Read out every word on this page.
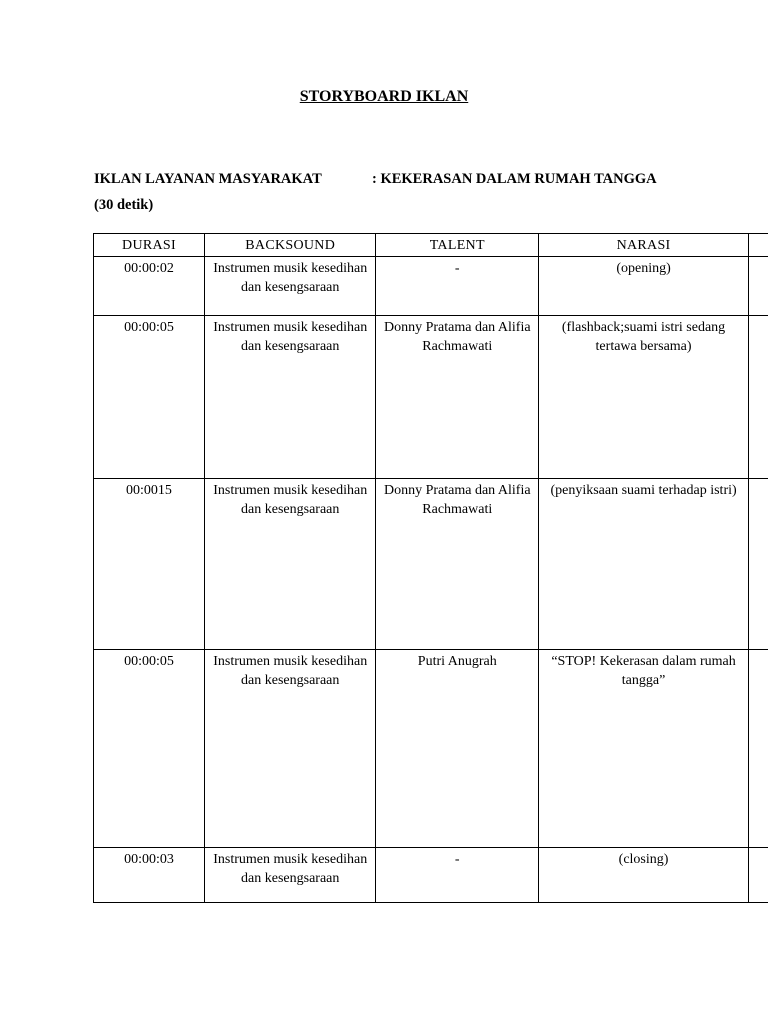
STORYBOARD IKLAN
IKLAN LAYANAN MASYARAKAT	: KEKERASAN DALAM RUMAH TANGGA
(30 detik)
DURASI	BACKSOUND	TALENT	NARASI	
00:00:02	Instrumen musik kesedihan dan kesengsaraan	-	(opening)	
00:00:05	Instrumen musik kesedihan dan kesengsaraan	Donny Pratama dan Alifia Rachmawati	(flashback;suami istri sedang tertawa bersama)	
00:0015	Instrumen musik kesedihan dan kesengsaraan	Donny Pratama dan Alifia Rachmawati	(penyiksaan suami terhadap istri)	
00:00:05	Instrumen musik kesedihan dan kesengsaraan	Putri Anugrah	“STOP! Kekerasan dalam rumah tangga”	
00:00:03	Instrumen musik kesedihan dan kesengsaraan	-	(closing)	
